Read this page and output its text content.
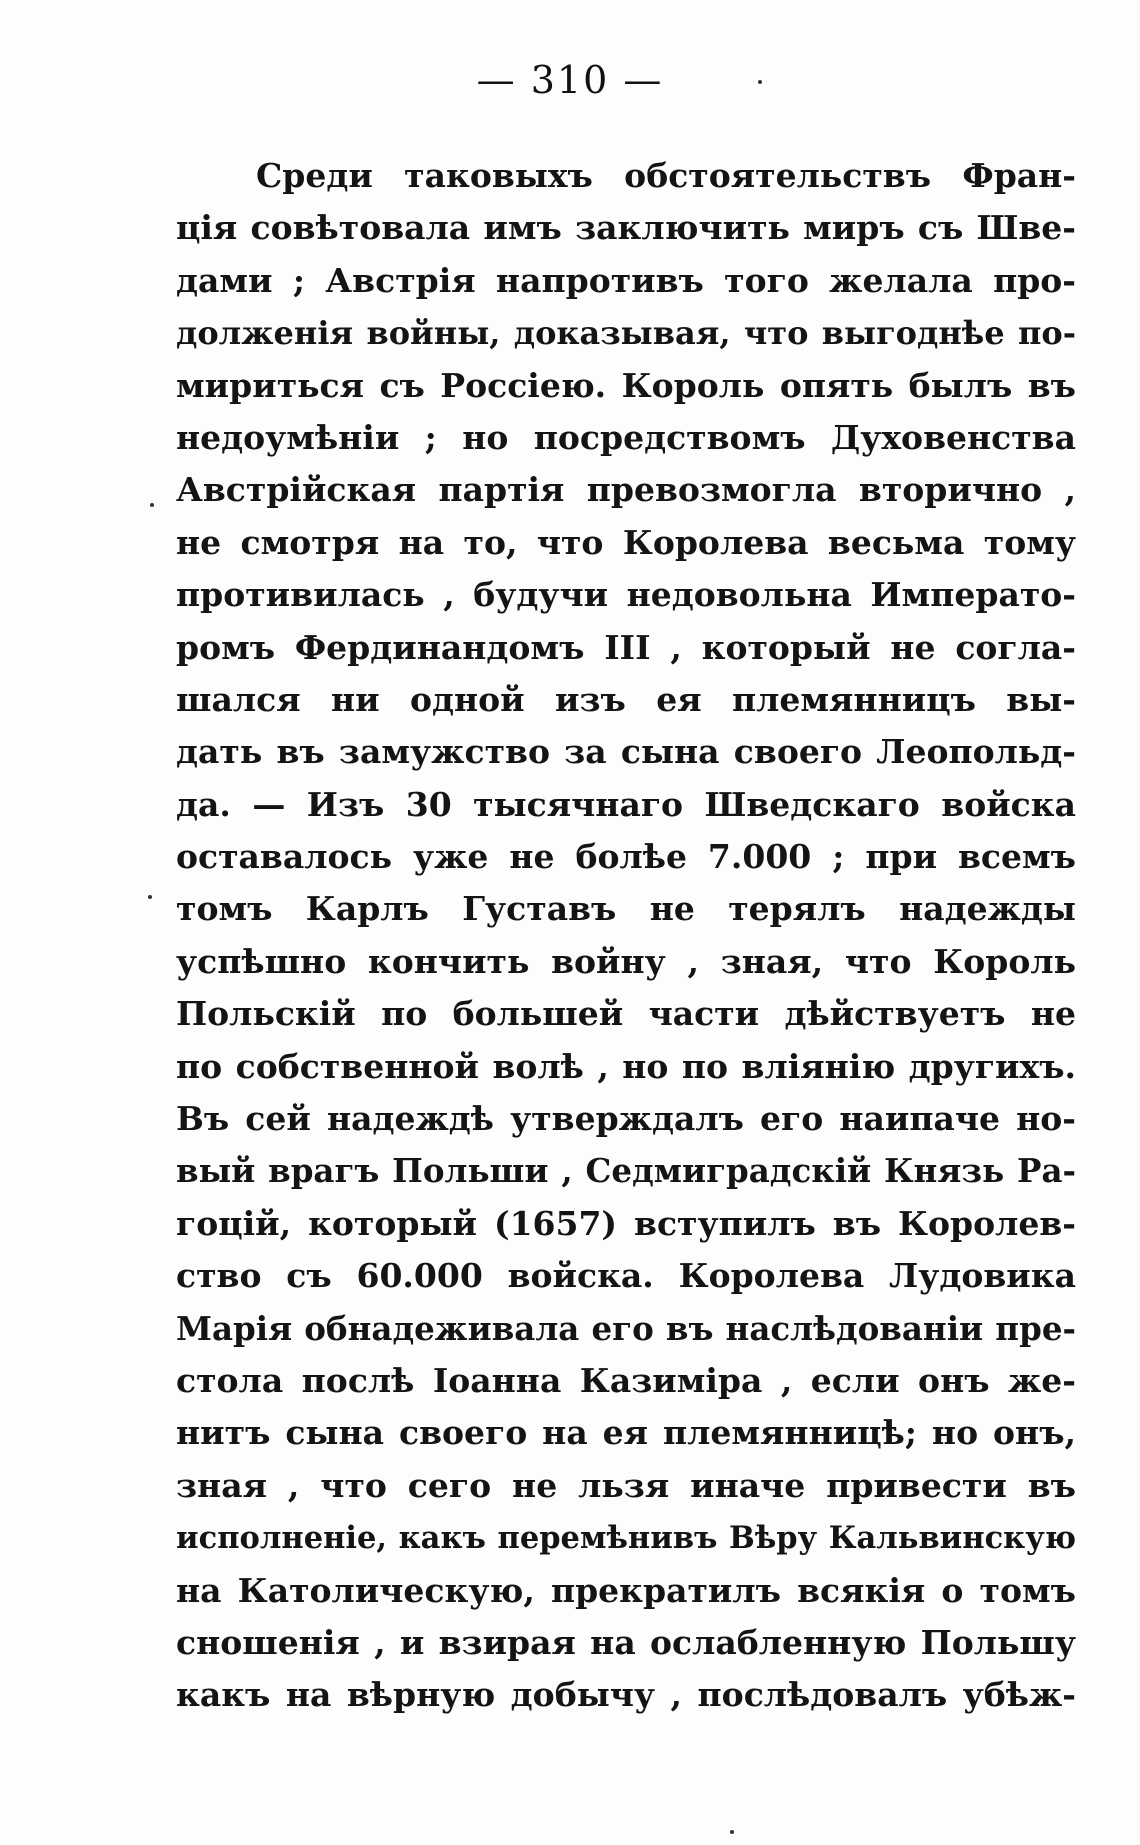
— 310 —
Среди таковыхъ обстоятельствъ Фран-
ція совѣтовала имъ заключить миръ съ Шве-
дами ; Австрія напротивъ того желала про-
долженія войны, доказывая, что выгоднѣе по-
мириться съ Россіею. Король опять былъ въ
недоумѣніи ; но посредствомъ Духовенства
Австрійская партія превозмогла вторично ,
не смотря на то, что Королева весьма тому
противилась , будучи недовольна Императо-
ромъ Фердинандомъ III , который не согла-
шался ни одной изъ ея племянницъ вы-
дать въ замужство за сына своего Леопольд-
да. — Изъ 30 тысячнаго Шведскаго войска
оставалось уже не болѣе 7.000 ; при всемъ
томъ Карлъ Густавъ не терялъ надежды
успѣшно кончить войну , зная, что Король
Польскій по большей части дѣйствуетъ не
по собственной волѣ , но по вліянію другихъ.
Въ сей надеждѣ утверждалъ его наипаче но-
вый врагъ Польши , Седмиградскій Князь Ра-
гоцій, который (1657) вступилъ въ Королев-
ство съ 60.000 войска. Королева Лудовика
Марія обнадеживала его въ наслѣдованіи пре-
стола послѣ Іоанна Казиміра , если онъ же-
нитъ сына своего на ея племянницѣ; но онъ,
зная , что сего не льзя иначе привести въ
исполненіе, какъ перемѣнивъ Вѣру Кальвинскую
на Католическую, прекратилъ всякія о томъ
сношенія , и взирая на ослабленную Польшу
какъ на вѣрную добычу , послѣдовалъ убѣж-
